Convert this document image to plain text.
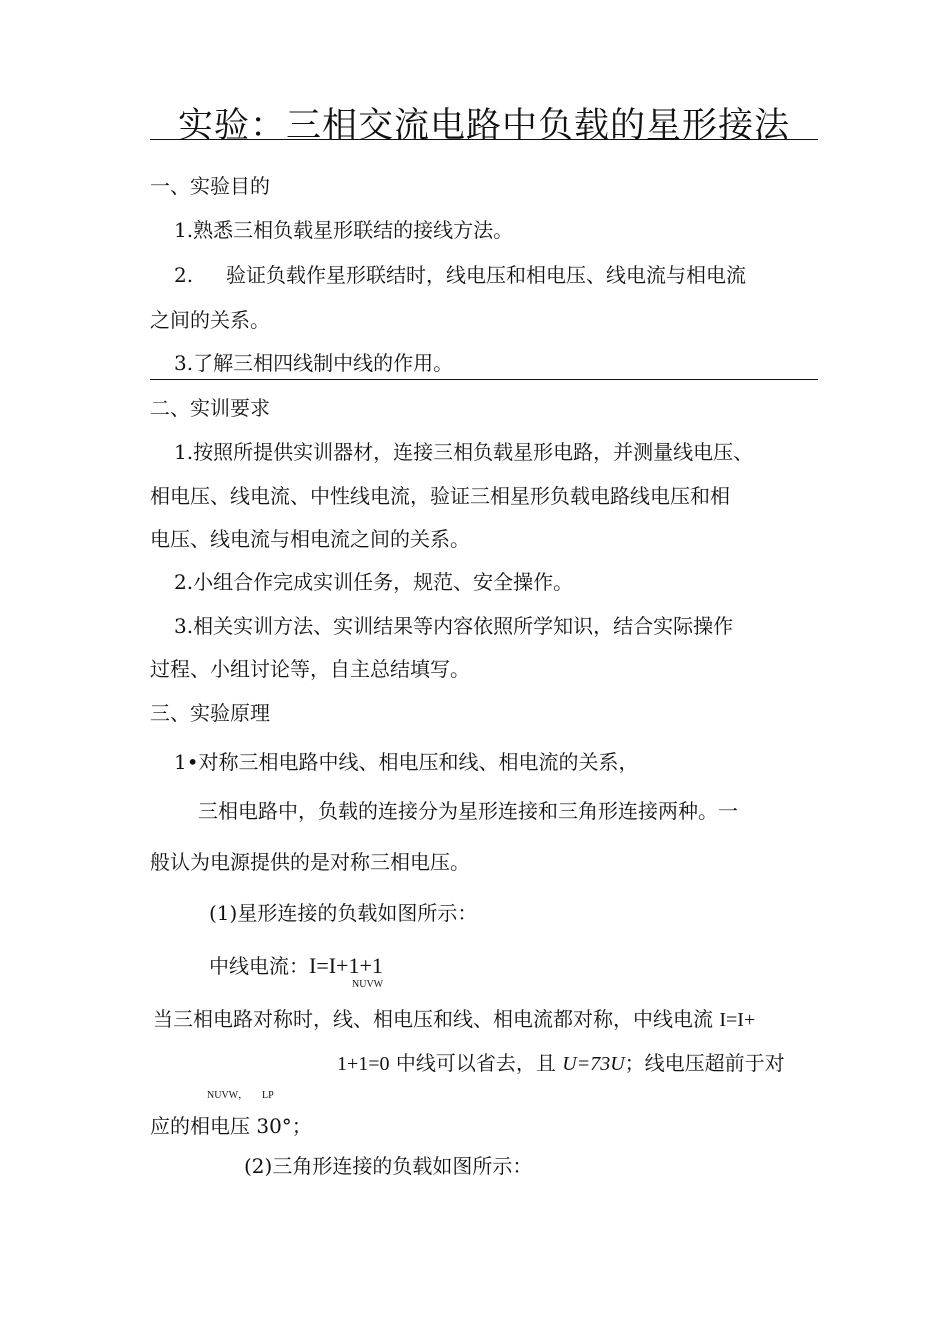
实验：三相交流电路中负载的星形接法
一、实验目的
1.熟悉三相负载星形联结的接线方法。
2. 验证负载作星形联结时，线电压和相电压、线电流与相电流
之间的关系。
3.了解三相四线制中线的作用。
二、实训要求
1.按照所提供实训器材，连接三相负载星形电路，并测量线电压、
相电压、线电流、中性线电流，验证三相星形负载电路线电压和相
电压、线电流与相电流之间的关系。
2.小组合作完成实训任务，规范、安全操作。
3.相关实训方法、实训结果等内容依照所学知识，结合实际操作
过程、小组讨论等，自主总结填写。
三、实验原理
1•对称三相电路中线、相电压和线、相电流的关系，
三相电路中，负载的连接分为星形连接和三角形连接两种。一
般认为电源提供的是对称三相电压。
(1)星形连接的负载如图所示：
中线电流：I=I+1+1
NUVW
当三相电路对称时，线、相电压和线、相电流都对称，中线电流 I=I+
1+1=0 中线可以省去，且 U=73U；线电压超前于对
NUVW， LP
应的相电压 30°；
(2)三角形连接的负载如图所示：
